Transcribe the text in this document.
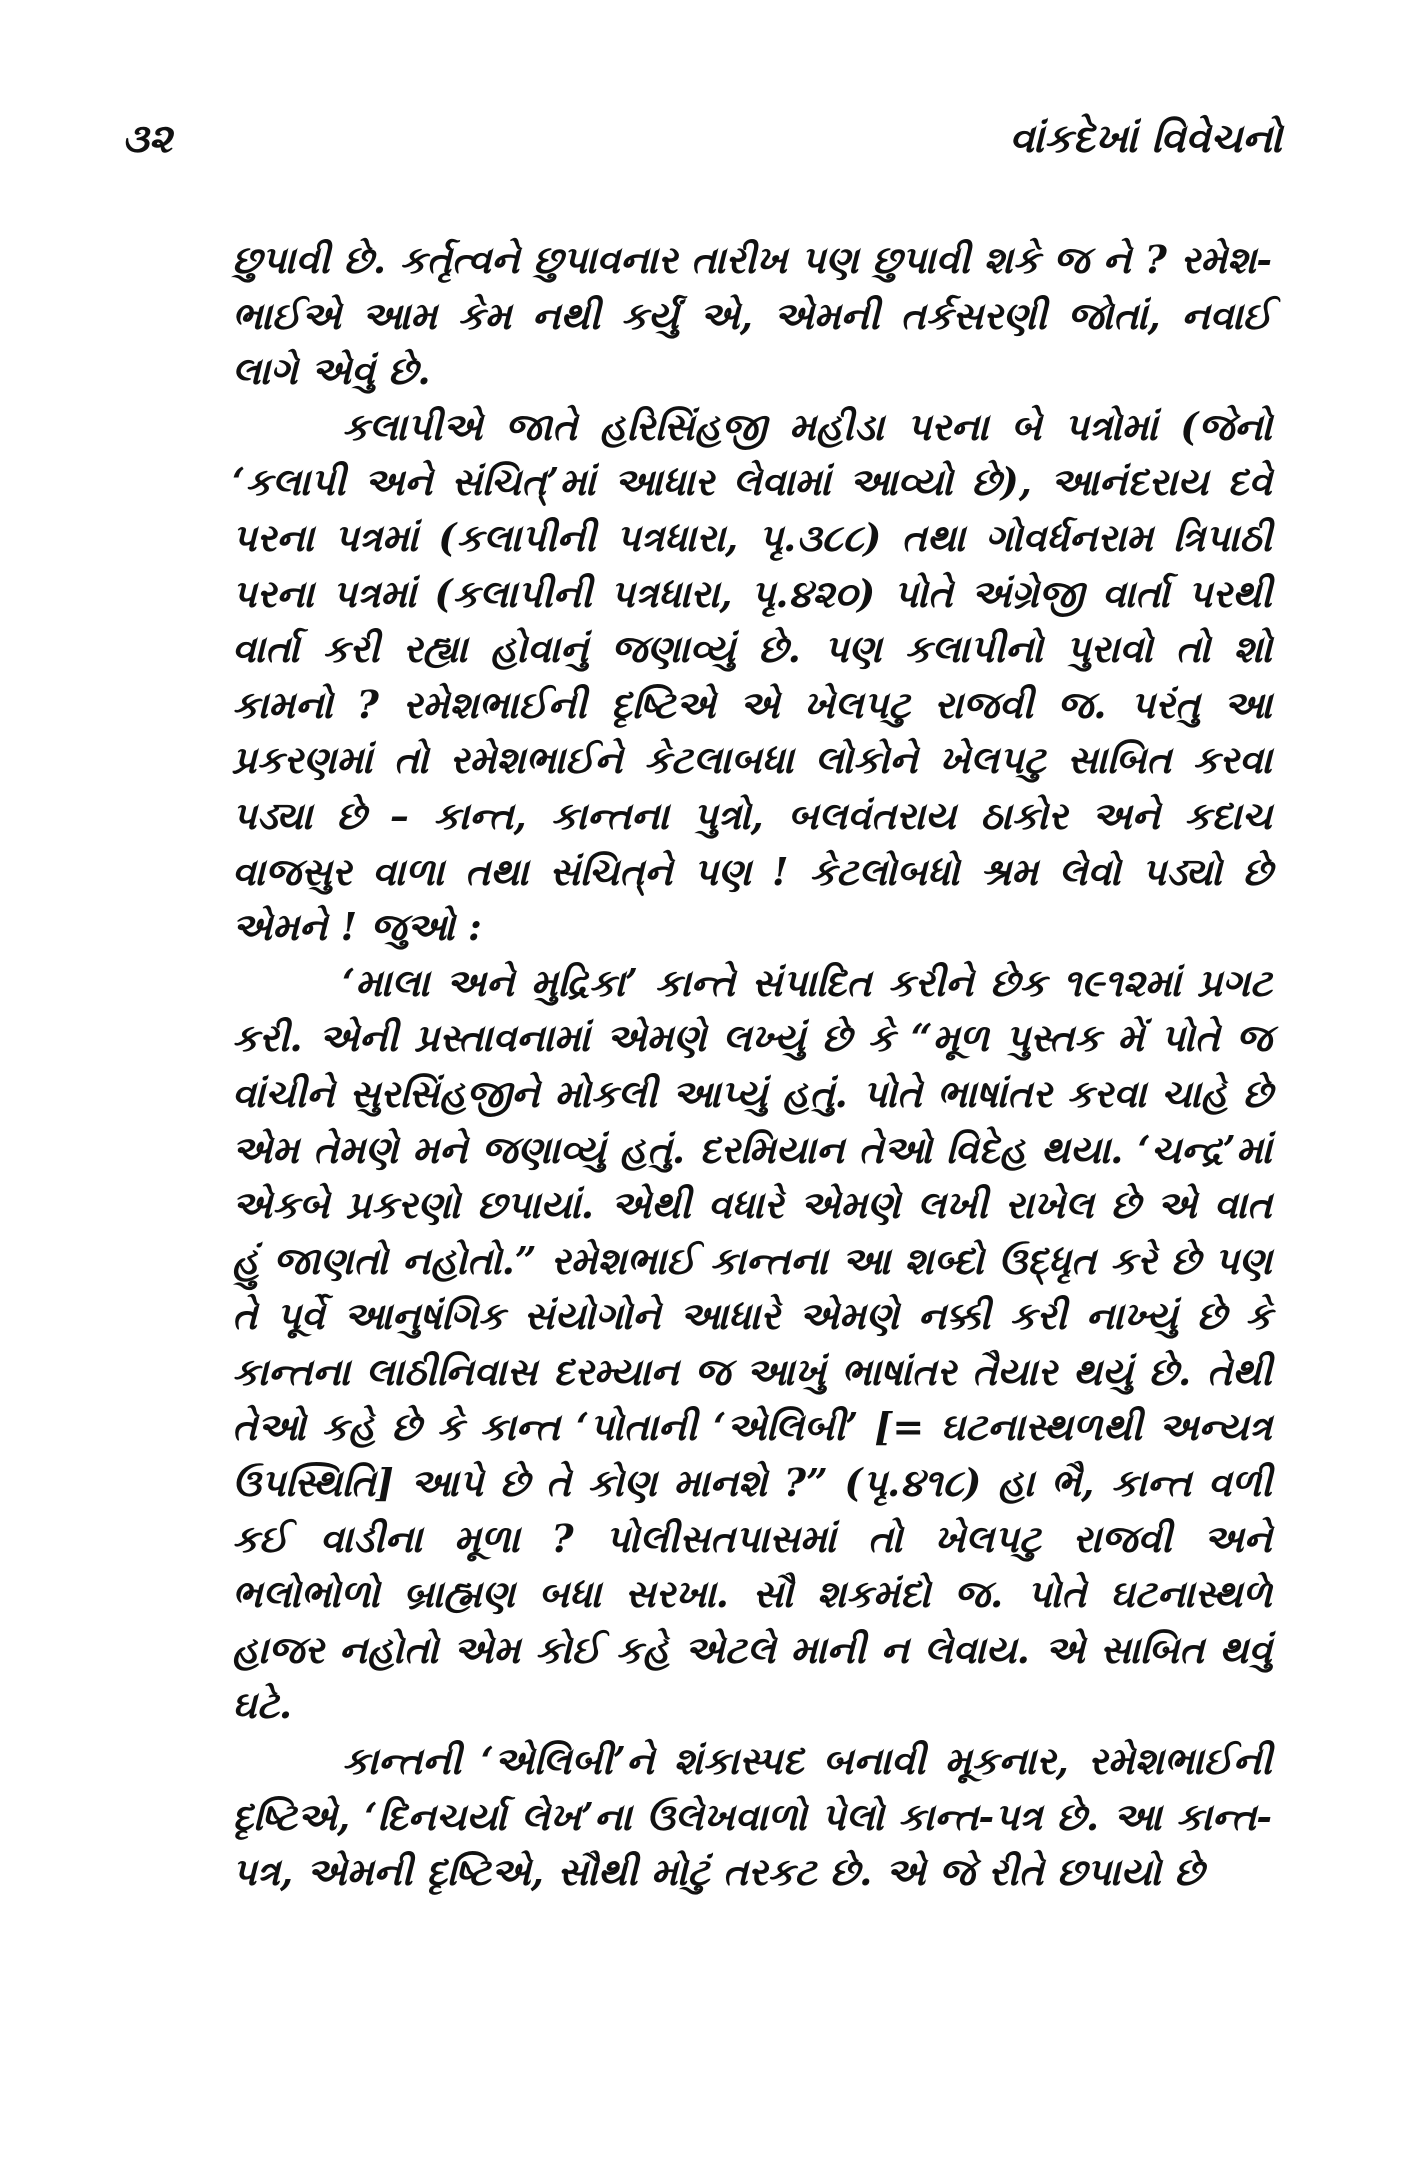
૩૨	વાંકદેખાં વિવેચનો

છુપાવી છે. કર્તૃત્વને છુપાવનાર તારીખ પણ છુપાવી શકે જ ને ? રમેશ-ભાઈએ આમ કેમ નથી કર્યું એ, એમની તર્કસરણી જોતાં, નવાઈ લાગે એવું છે.

કલાપીએ જાતે હરિસિંહજી મહીડા પરના બે પત્રોમાં (જેનો ‘કલાપી અને સંચિત્’માં આધાર લેવામાં આવ્યો છે), આનંદરાય દવે પરના પત્રમાં (કલાપીની પત્રધારા, પૃ.૩૮૮) તથા ગોવર્ધનરામ ત્રિપાઠી પરના પત્રમાં (કલાપીની પત્રધારા, પૃ.૪૨૦) પોતે અંગ્રેજી વાર્તા પરથી વાર્તા કરી રહ્યા હોવાનું જણાવ્યું છે. પણ કલાપીનો પુરાવો તો શો કામનો ? રમેશભાઈની દૃષ્ટિએ એ ખેલપટુ રાજવી જ. પરંતુ આ પ્રકરણમાં તો રમેશભાઈને કેટલાબધા લોકોને ખેલપટુ સાબિત કરવા પડ્યા છે – કાન્ત, કાન્તના પુત્રો, બલવંતરાય ઠાકોર અને કદાચ વાજસુર વાળા તથા સંચિત્‌ને પણ ! કેટલોબધો શ્રમ લેવો પડ્યો છે એમને ! જુઓ :

‘માલા અને મુદ્રિકા’ કાન્તે સંપાદિત કરીને છેક ૧૯૧૨માં પ્રગટ કરી. એની પ્રસ્તાવનામાં એમણે લખ્યું છે કે “મૂળ પુસ્તક મેં પોતે જ વાંચીને સુરસિંહજીને મોકલી આપ્યું હતું. પોતે ભાષાંતર કરવા ચાહે છે એમ તેમણે મને જણાવ્યું હતું. દરમિયાન તેઓ વિદેહ થયા. ‘ચન્દ્ર’માં એકબે પ્રકરણો છપાયાં. એથી વધારે એમણે લખી રાખેલ છે એ વાત હું જાણતો નહોતો.” રમેશભાઈ કાન્તના આ શબ્દો ઉદ્ધૃત કરે છે પણ તે પૂર્વે આનુષંગિક સંયોગોને આધારે એમણે નક્કી કરી નાખ્યું છે કે કાન્તના લાઠીનિવાસ દરમ્યાન જ આખું ભાષાંતર તૈયાર થયું છે. તેથી તેઓ કહે છે કે કાન્ત ‘પોતાની ‘એલિબી’ [= ઘટનાસ્થળથી અન્યત્ર ઉપસ્થિતિ] આપે છે તે કોણ માનશે ?” (પૃ.૪૧૮) હા ભૈ, કાન્ત વળી કઈ વાડીના મૂળા ? પોલીસતપાસમાં તો ખેલપટુ રાજવી અને ભલોભોળો બ્રાહ્મણ બધા સરખા. સૌ શકમંદો જ. પોતે ઘટનાસ્થળે હાજર નહોતો એમ કોઈ કહે એટલે માની ન લેવાય. એ સાબિત થવું ઘટે.

કાન્તની ‘એલિબી’ને શંકાસ્પદ બનાવી મૂકનાર, રમેશભાઈની દૃષ્ટિએ, ‘દિનચર્યા લેખ’ના ઉલેખવાળો પેલો કાન્ત-પત્ર છે. આ કાન્ત-પત્ર, એમની દૃષ્ટિએ, સૌથી મોટું તરકટ છે. એ જે રીતે છપાયો છે
